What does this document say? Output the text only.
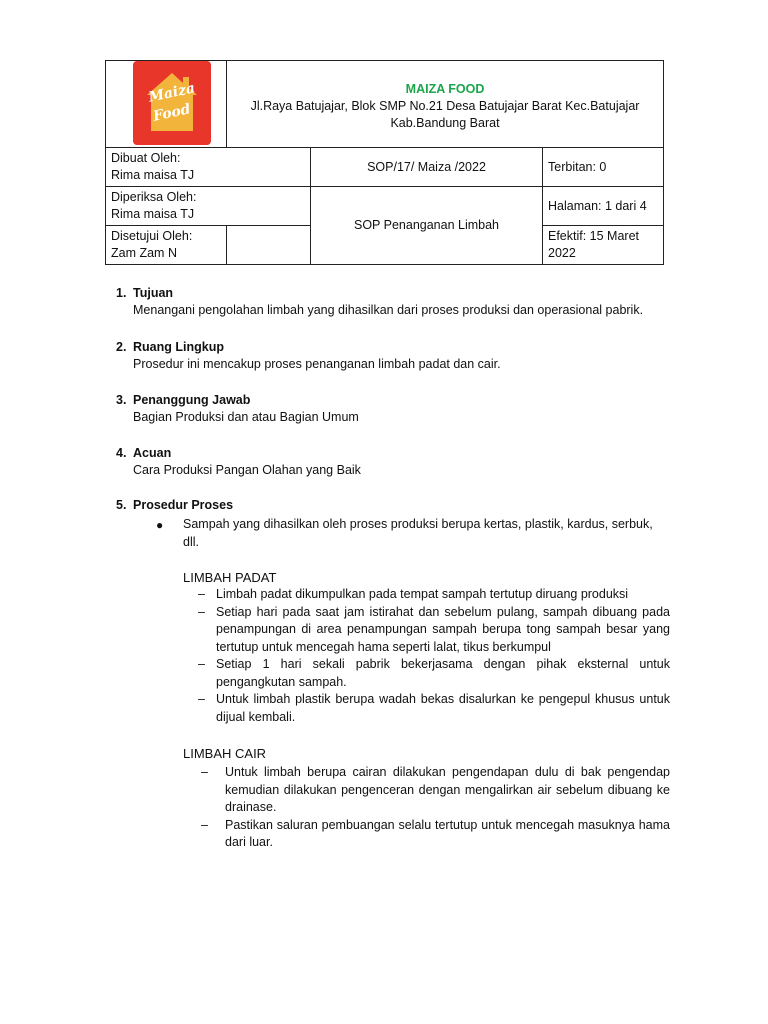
Maiza
Food	MAIZA FOOD
Jl.Raya Batujajar, Blok SMP No.21 Desa Batujajar Barat Kec.Batujajar Kab.Bandung Barat		

Dibuat Oleh:
Rima maisa TJ		SOP/17/ Maiza /2022	Terbitan: 0

Diperiksa Oleh:
Rima maisa TJ		SOP Penanganan Limbah	Halaman: 1 dari 4

Disetujui Oleh:
Zam Zam N			Efektif: 15 Maret 2022
1. Tujuan
Menangani pengolahan limbah yang dihasilkan dari proses produksi dan operasional pabrik.
2. Ruang Lingkup
Prosedur ini mencakup proses penanganan limbah padat dan cair.
3. Penanggung Jawab
Bagian Produksi dan atau Bagian Umum
4. Acuan
Cara Produksi Pangan Olahan yang Baik
5. Prosedur Proses
●	Sampah yang dihasilkan oleh proses produksi berupa kertas, plastik, kardus, serbuk, dll.
LIMBAH PADAT
– Limbah padat dikumpulkan pada tempat sampah tertutup diruang produksi
– Setiap hari pada saat jam istirahat dan sebelum pulang, sampah dibuang pada penampungan di area penampungan sampah berupa tong sampah besar yang tertutup untuk mencegah hama seperti lalat, tikus berkumpul
– Setiap 1 hari sekali pabrik bekerjasama dengan pihak eksternal untuk pengangkutan sampah.
– Untuk limbah plastik berupa wadah bekas disalurkan ke pengepul khusus untuk dijual kembali.
LIMBAH CAIR
– Untuk limbah berupa cairan dilakukan pengendapan dulu di bak pengendap kemudian dilakukan pengenceran dengan mengalirkan air sebelum dibuang ke drainase.
– Pastikan saluran pembuangan selalu tertutup untuk mencegah masuknya hama dari luar.
